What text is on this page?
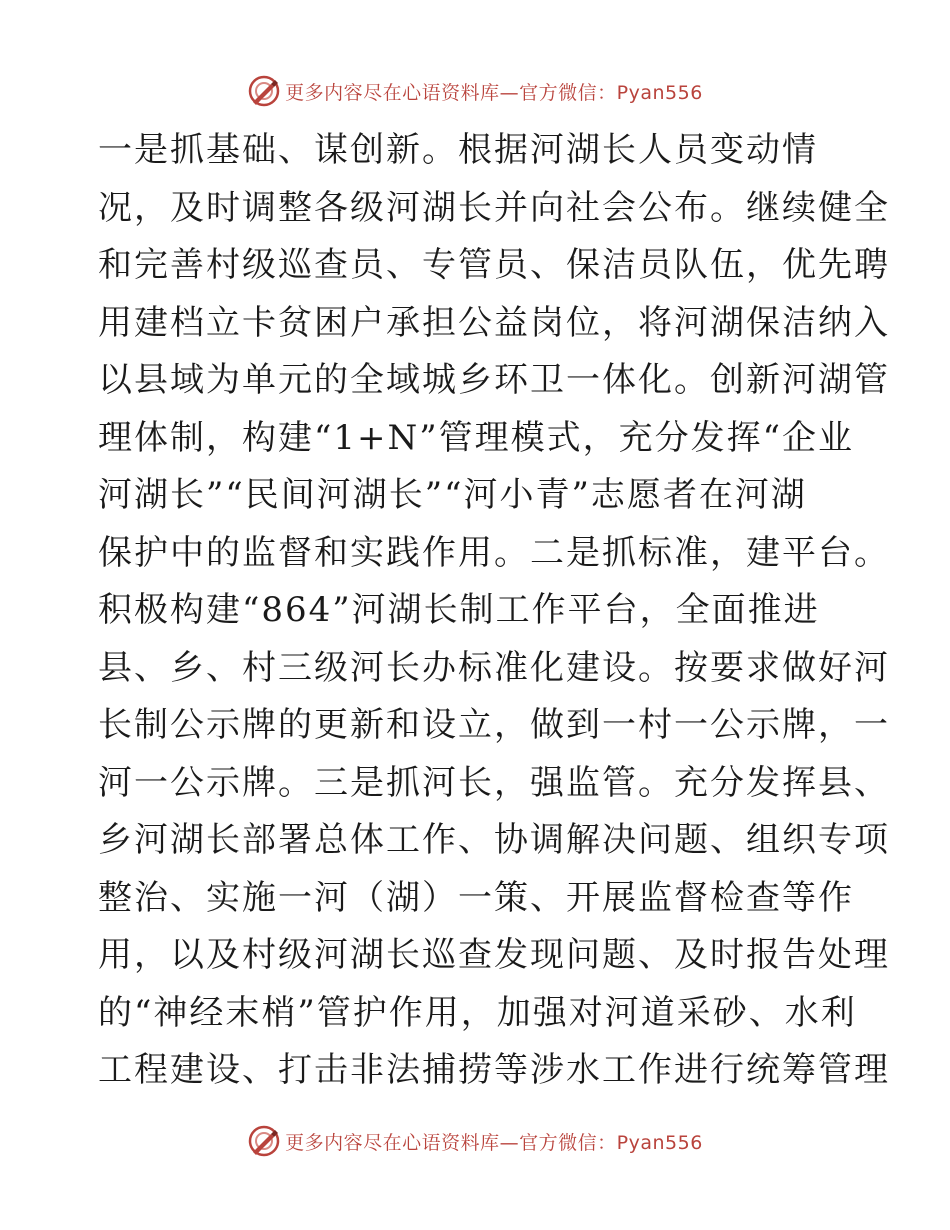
更多内容尽在心语资料库—官方微信：Pyan556
一是抓基础、谋创新。根据河湖长人员变动情
况，及时调整各级河湖长并向社会公布。继续健全
和完善村级巡查员、专管员、保洁员队伍，优先聘
用建档立卡贫困户承担公益岗位，将河湖保洁纳入
以县域为单元的全域城乡环卫一体化。创新河湖管
理体制，构建“1+N”管理模式，充分发挥“企业
河湖长”“民间河湖长”“河小青”志愿者在河湖
保护中的监督和实践作用。二是抓标准，建平台。
积极构建“864”河湖长制工作平台，全面推进
县、乡、村三级河长办标准化建设。按要求做好河
长制公示牌的更新和设立，做到一村一公示牌，一
河一公示牌。三是抓河长，强监管。充分发挥县、
乡河湖长部署总体工作、协调解决问题、组织专项
整治、实施一河（湖）一策、开展监督检查等作
用，以及村级河湖长巡查发现问题、及时报告处理
的“神经末梢”管护作用，加强对河道采砂、水利
工程建设、打击非法捕捞等涉水工作进行统筹管理
更多内容尽在心语资料库—官方微信：Pyan556
